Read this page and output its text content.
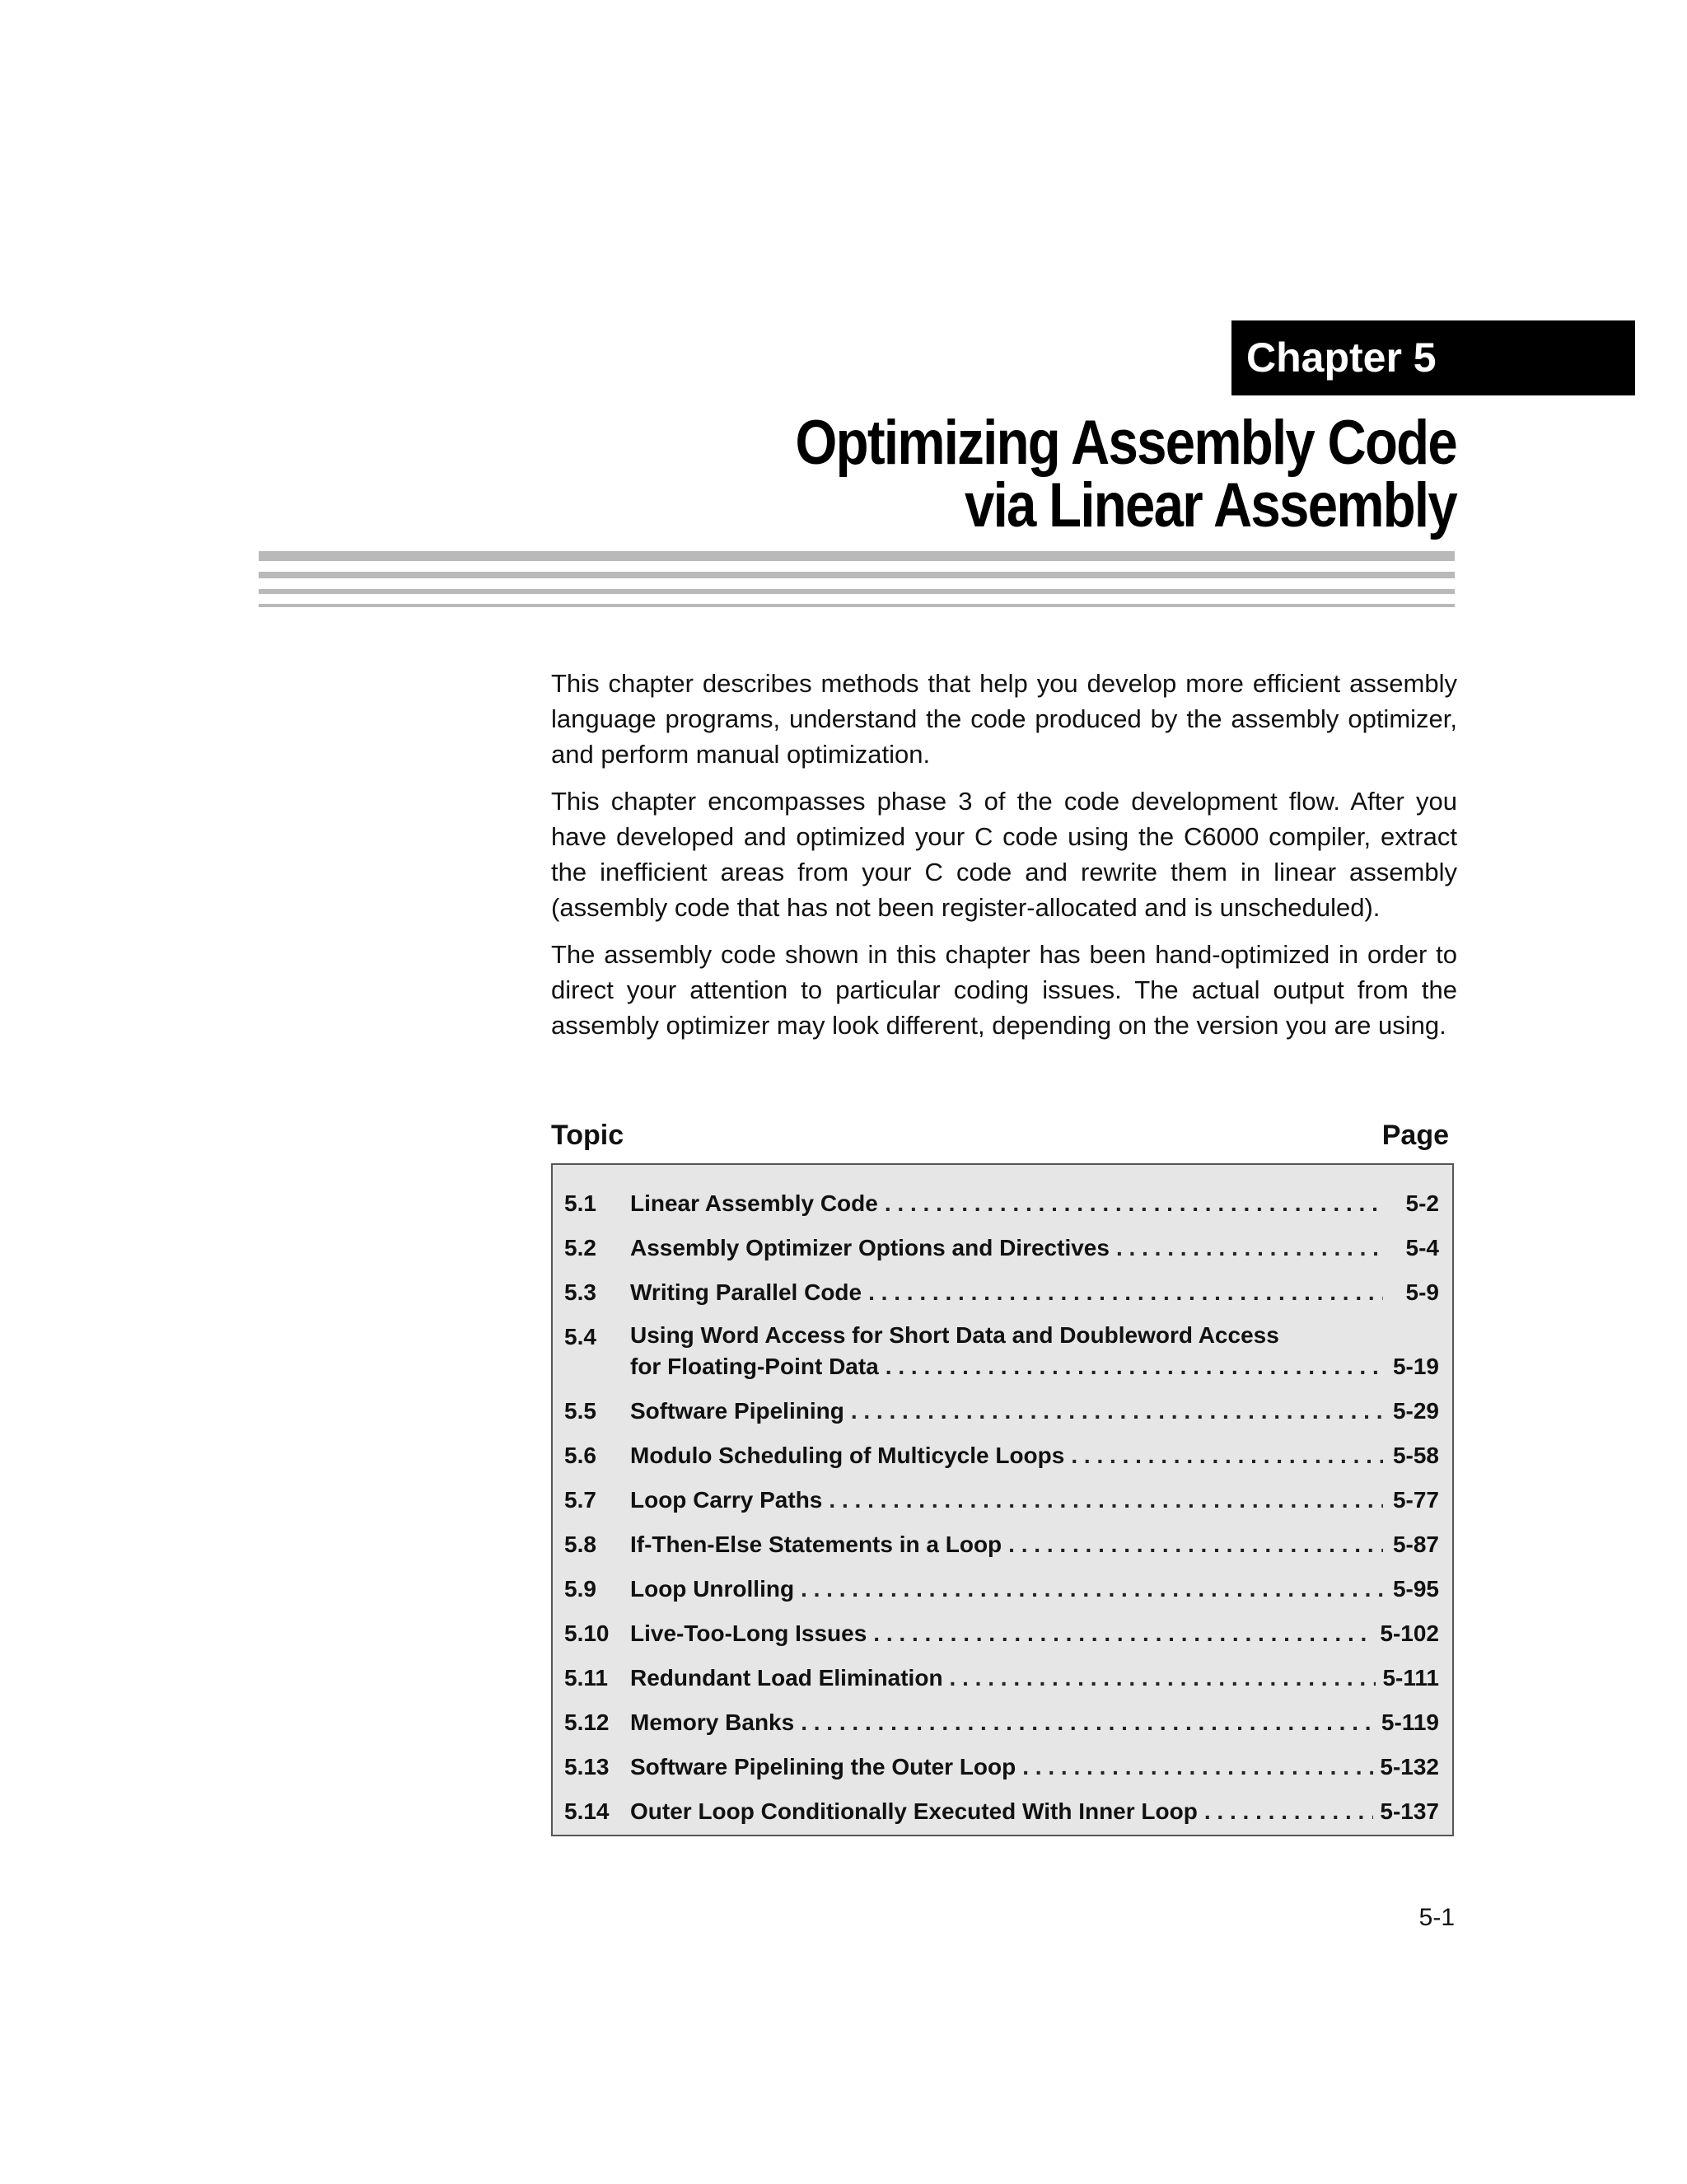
Chapter 5
Optimizing Assembly Code
via Linear Assembly

This chapter describes methods that help you develop more efficient assembly language programs, understand the code produced by the assembly optimizer, and perform manual optimization.

This chapter encompasses phase 3 of the code development flow. After you have developed and optimized your C code using the C6000 compiler, extract the inefficient areas from your C code and rewrite them in linear assembly (assembly code that has not been register-allocated and is unscheduled).

The assembly code shown in this chapter has been hand-optimized in order to direct your attention to particular coding issues. The actual output from the assembly optimizer may look different, depending on the version you are using.

Topic	Page
5.1	Linear Assembly Code . . .	5-2
5.2	Assembly Optimizer Options and Directives . . .	5-4
5.3	Writing Parallel Code . . .	5-9
5.4	Using Word Access for Short Data and Doubleword Access
for Floating-Point Data . . .	5-19
5.5	Software Pipelining . . .	5-29
5.6	Modulo Scheduling of Multicycle Loops . . .	5-58
5.7	Loop Carry Paths . . .	5-77
5.8	If-Then-Else Statements in a Loop . . .	5-87
5.9	Loop Unrolling . . .	5-95
5.10 Live-Too-Long Issues . . .	5-102
5.11 Redundant Load Elimination . . .	5-111
5.12 Memory Banks . . .	5-119
5.13 Software Pipelining the Outer Loop . . .	5-132
5.14 Outer Loop Conditionally Executed With Inner Loop . . .	5-137
5-1
